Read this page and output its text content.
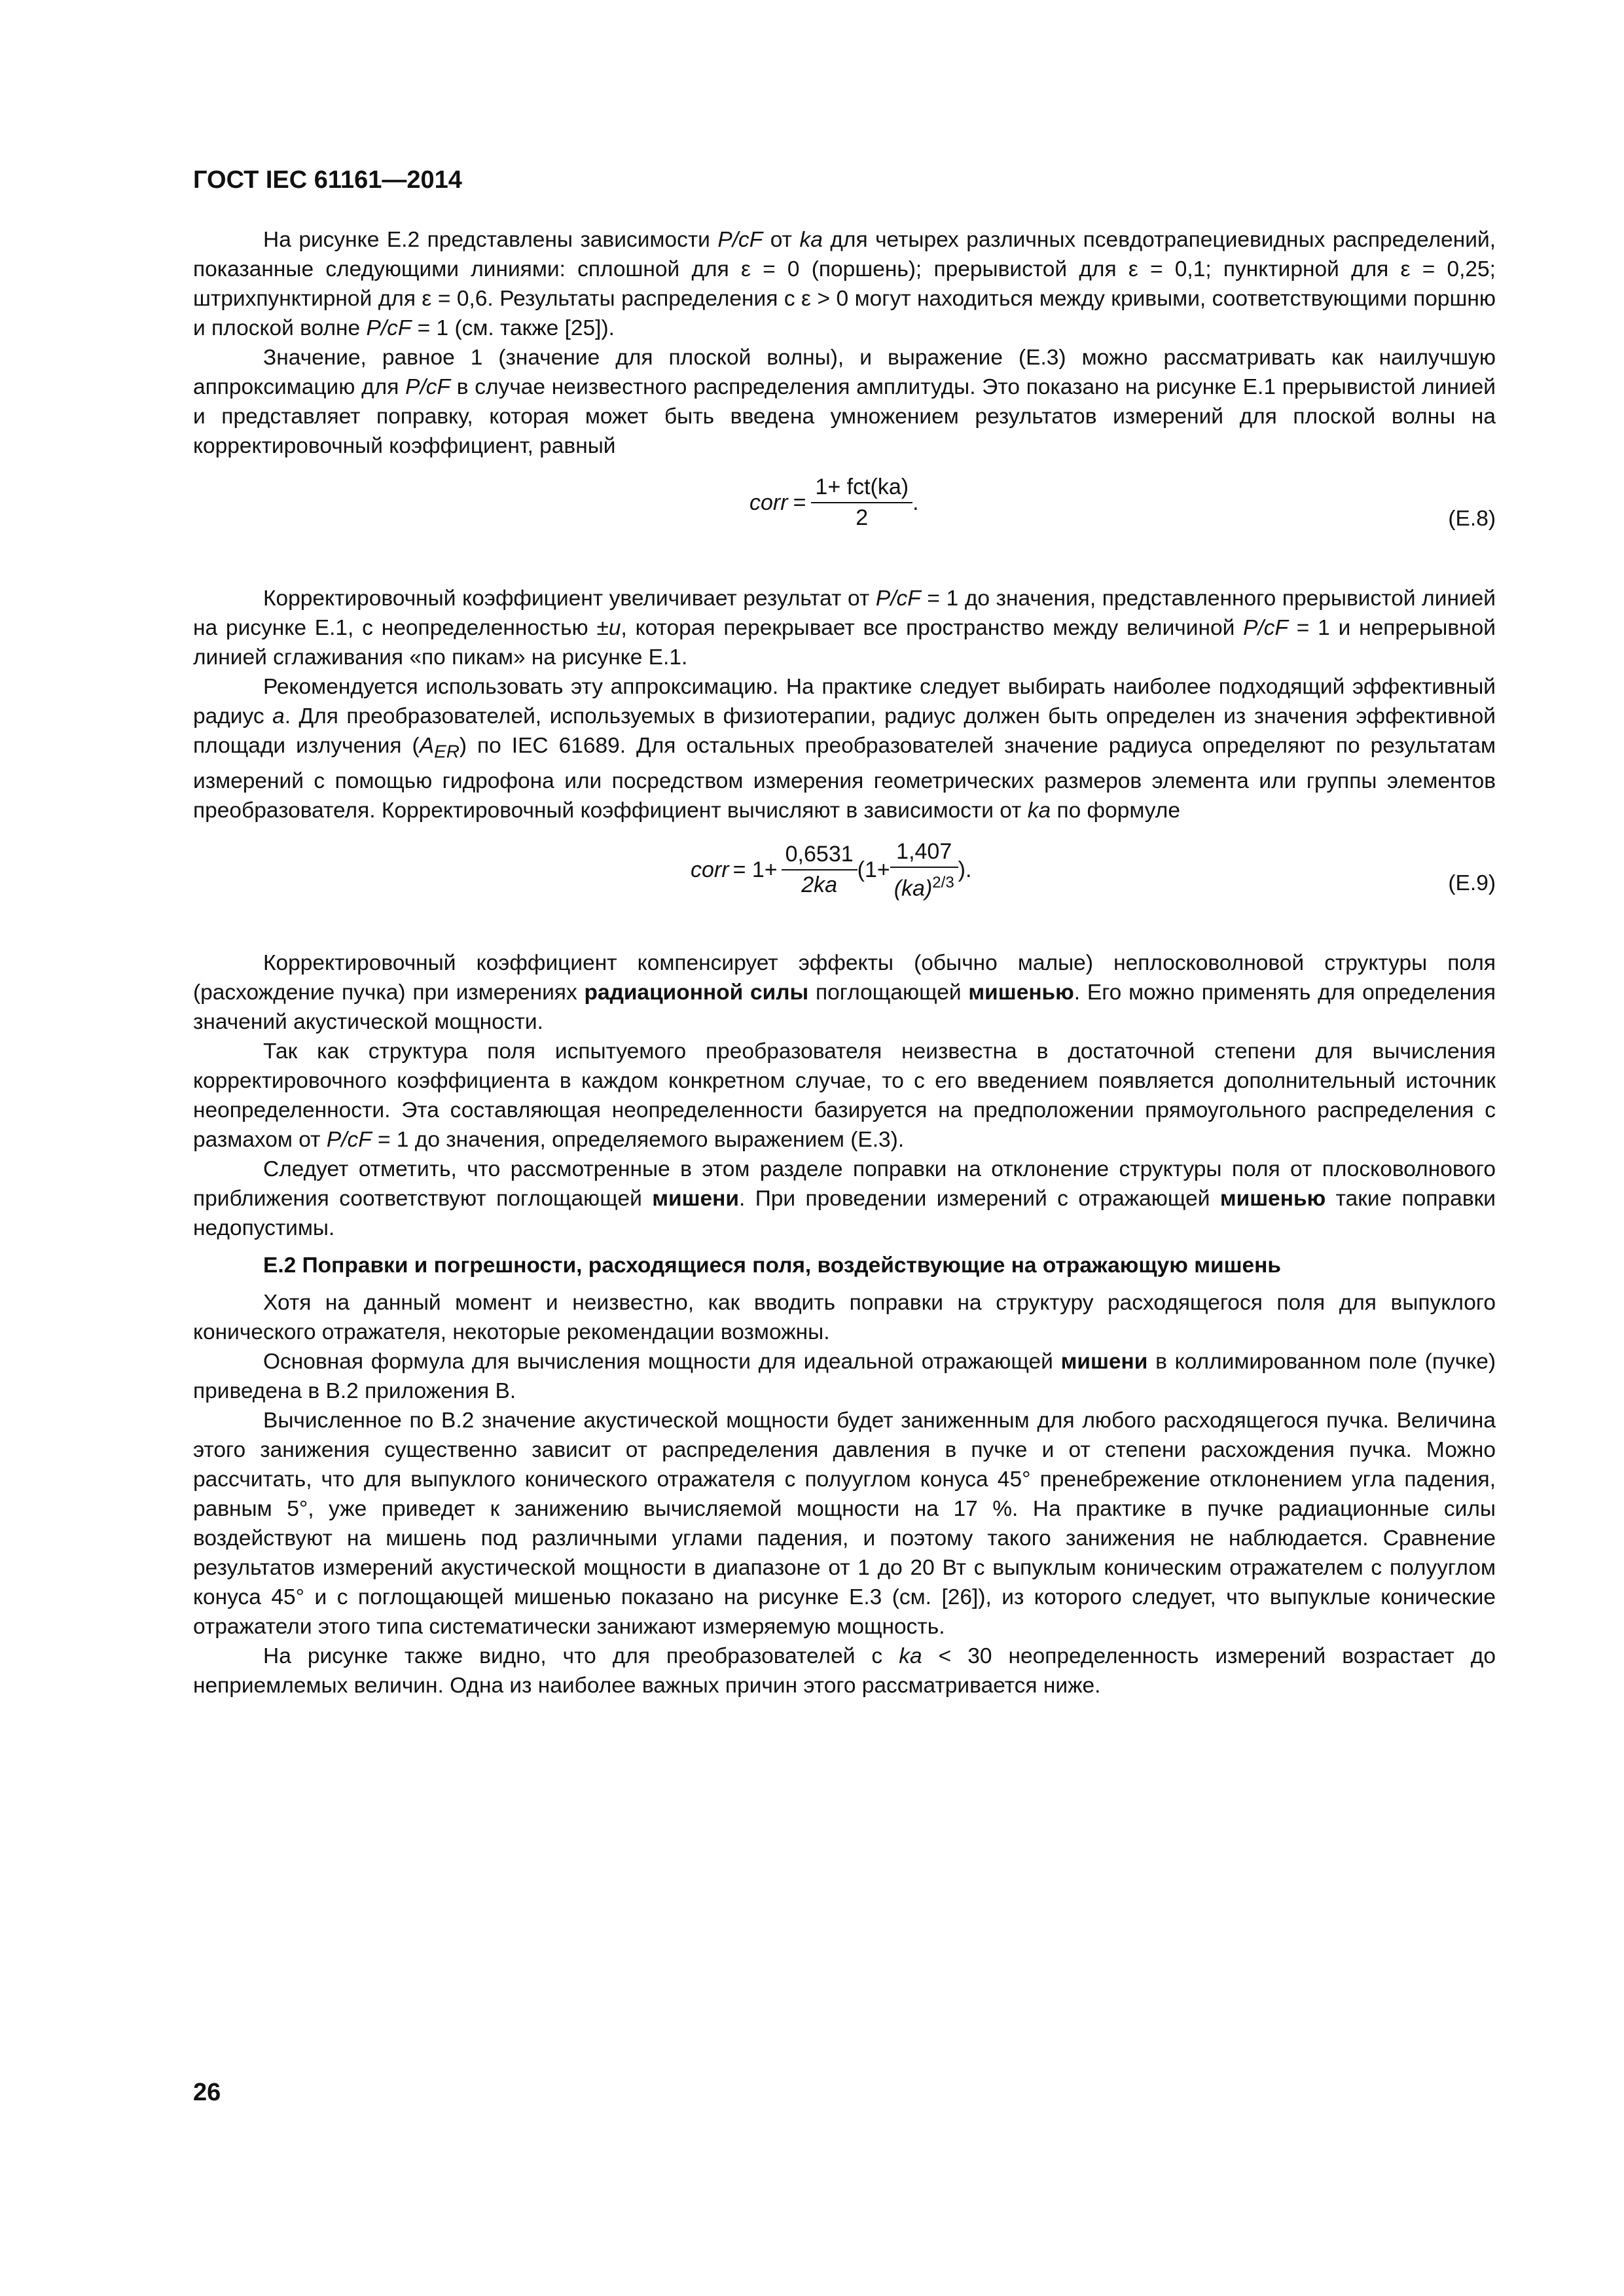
ГОСТ IEC 61161—2014

На рисунке Е.2 представлены зависимости P/cF от ka для четырех различных псевдотрапециевидных распределений, показанные следующими линиями: сплошной для ε = 0 (поршень); прерывистой для ε = 0,1; пунктирной для ε = 0,25; штрихпунктирной для ε = 0,6. Результаты распределения с ε > 0 могут находиться между кривыми, соответствующими поршню и плоской волне P/cF = 1 (см. также [25]).

Значение, равное 1 (значение для плоской волны), и выражение (Е.3) можно рассматривать как наилучшую аппроксимацию для P/cF в случае неизвестного распределения амплитуды. Это показано на рисунке Е.1 прерывистой линией и представляет поправку, которая может быть введена умножением результатов измерений для плоской волны на корректировочный коэффициент, равный

corr = $\frac{\text{1+ fct(ka)}}{2}$ .
(Е.8)

Корректировочный коэффициент увеличивает результат от P/cF = 1 до значения, представленного прерывистой линией на рисунке Е.1, с неопределенностью ±u, которая перекрывает все пространство между величиной P/cF = 1 и непрерывной линией сглаживания «по пикам» на рисунке Е.1.

Рекомендуется использовать эту аппроксимацию. На практике следует выбирать наиболее подходящий эффективный радиус a. Для преобразователей, используемых в физиотерапии, радиус должен быть определен из значения эффективной площади излучения $(A_{ER})$ по IEC 61689. Для остальных преобразователей значение радиуса определяют по результатам измерений с помощью гидрофона или посредством измерения геометрических размеров элемента или группы элементов преобразователя. Корректировочный коэффициент вычисляют в зависимости от ka по формуле

corr = $1+ \frac{0,6531}{2ka} (1+ \frac{1,407}{(ka)^{2/3}}$ ).
(Е.9)

Корректировочный коэффициент компенсирует эффекты (обычно малые) неплосковолновой структуры поля (расхождение пучка) при измерениях радиационной силы поглощающей мишенью. Его можно применять для определения значений акустической мощности.

Так как структура поля испытуемого преобразователя неизвестна в достаточной степени для вычисления корректировочного коэффициента в каждом конкретном случае, то с его введением появляется дополнительный источник неопределенности. Эта составляющая неопределенности базируется на предположении прямоугольного распределения с размахом от P/cF = 1 до значения, определяемого выражением (Е.3).

Следует отметить, что рассмотренные в этом разделе поправки на отклонение структуры поля от плосковолнового приближения соответствуют поглощающей мишени. При проведении измерений с отражающей мишенью такие поправки недопустимы.

Е.2 Поправки и погрешности, расходящиеся поля, воздействующие на отражающую мишень

Хотя на данный момент и неизвестно, как вводить поправки на структуру расходящегося поля для выпуклого конического отражателя, некоторые рекомендации возможны.

Основная формула для вычисления мощности для идеальной отражающей мишени в коллимированном поле (пучке) приведена в В.2 приложения В.

Вычисленное по В.2 значение акустической мощности будет заниженным для любого расходящегося пучка. Величина этого занижения существенно зависит от распределения давления в пучке и от степени расхождения пучка. Можно рассчитать, что для выпуклого конического отражателя с полууглом конуса 45° пренебрежение отклонением угла падения, равным 5°, уже приведет к занижению вычисляемой мощности на 17 %. На практике в пучке радиационные силы воздействуют на мишень под различными углами падения, и поэтому такого занижения не наблюдается. Сравнение результатов измерений акустической мощности в диапазоне от 1 до 20 Вт с выпуклым коническим отражателем с полууглом конуса 45° и с поглощающей мишенью показано на рисунке Е.3 (см. [26]), из которого следует, что выпуклые конические отражатели этого типа систематически занижают измеряемую мощность.

На рисунке также видно, что для преобразователей с ka < 30 неопределенность измерений возрастает до неприемлемых величин. Одна из наиболее важных причин этого рассматривается ниже.

26
